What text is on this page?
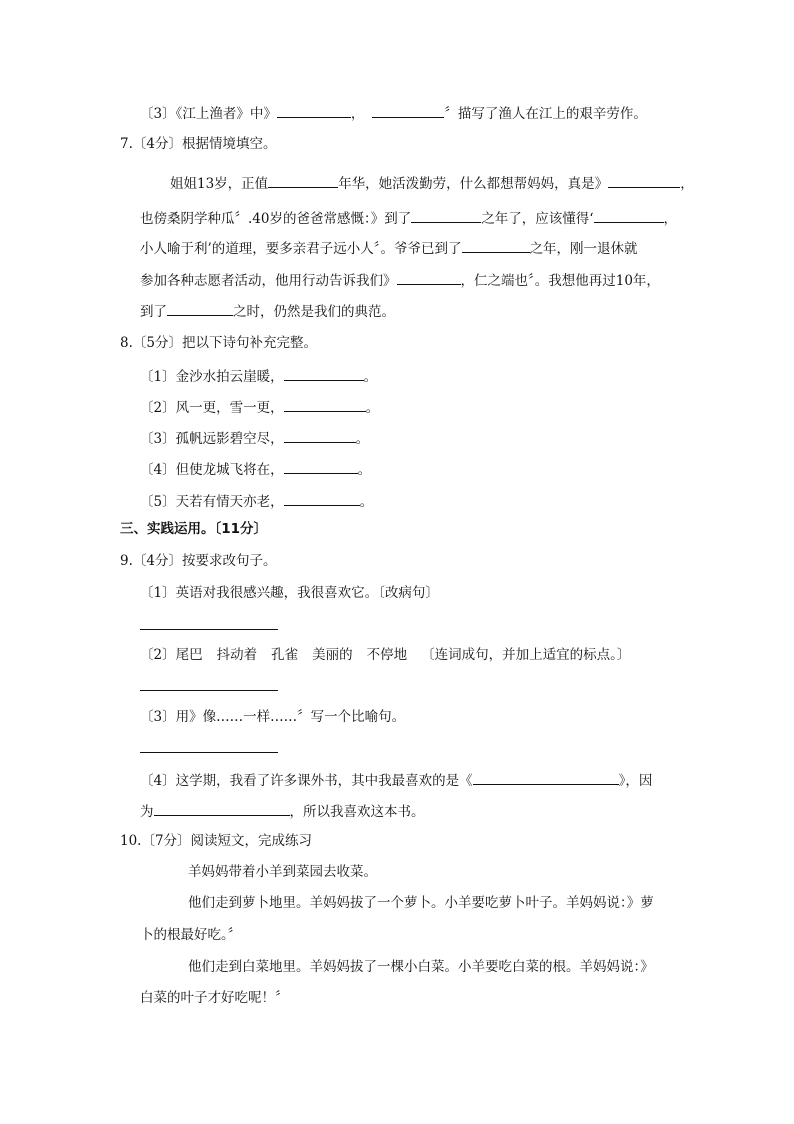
〔3〕《江上渔者》中》	，	〞描写了渔人在江上的艰辛劳作。
7.〔4分〕根据情境填空。
姐姐13岁，正值	年华，她活泼勤劳，什么都想帮妈妈，真是》	，
也傍桑阴学种瓜〞.40岁的爸爸常感慨：》到了	之年了，应该懂得‘	，
小人喻于利’的道理，要多亲君子远小人〞。爷爷已到了	之年，刚一退休就
参加各种志愿者活动，他用行动告诉我们》	，仁之端也〞。我想他再过10年，
到了	之时，仍然是我们的典范。
8.〔5分〕把以下诗句补充完整。
〔1〕金沙水拍云崖暖，	。
〔2〕风一更，雪一更，	。
〔3〕孤帆远影碧空尽，	。
〔4〕但使龙城飞将在，	。
〔5〕天若有情天亦老，	。
三、实践运用。〔11分〕
9.〔4分〕按要求改句子。
〔1〕英语对我很感兴趣，我很喜欢它。〔改病句〕
〔2〕尾巴 抖动着 孔雀 美丽的 不停地 〔连词成句，并加上适宜的标点。〕
〔3〕用》像……一样……〞写一个比喻句。
〔4〕这学期，我看了许多课外书，其中我最喜欢的是《	》，因
为	，所以我喜欢这本书。
10.〔7分〕阅读短文，完成练习
羊妈妈带着小羊到菜园去收菜。
他们走到萝卜地里。羊妈妈拔了一个萝卜。小羊要吃萝卜叶子。羊妈妈说：》萝
卜的根最好吃。〞
他们走到白菜地里。羊妈妈拔了一棵小白菜。小羊要吃白菜的根。羊妈妈说：》
白菜的叶子才好吃呢！〞
